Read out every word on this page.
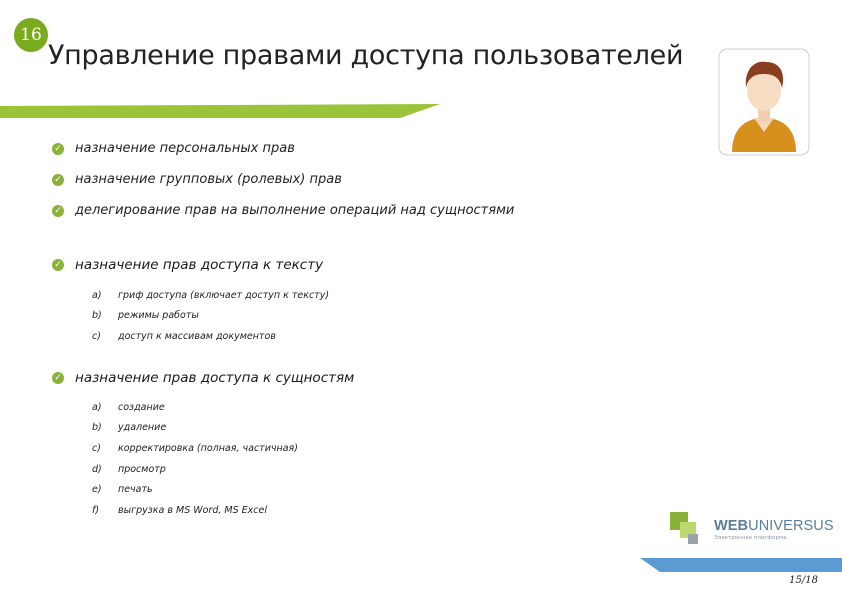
16
Управление правами доступа пользователей
✓ назначение персональных прав
✓ назначение групповых (ролевых) прав
✓ делегирование прав на выполнение операций над сущностями
✓ назначение прав доступа к тексту
a)	гриф доступа (включает доступ к тексту)
b)	режимы работы
c)	доступ к массивам документов
✓ назначение прав доступа к сущностям
a)	создание
b)	удаление
c)	корректировка (полная, частичная)
d)	просмотр
e)	печать
f)	выгрузка в MS Word, MS Excel
WEBUNIVERSUS
Электронная платформа
15/18
